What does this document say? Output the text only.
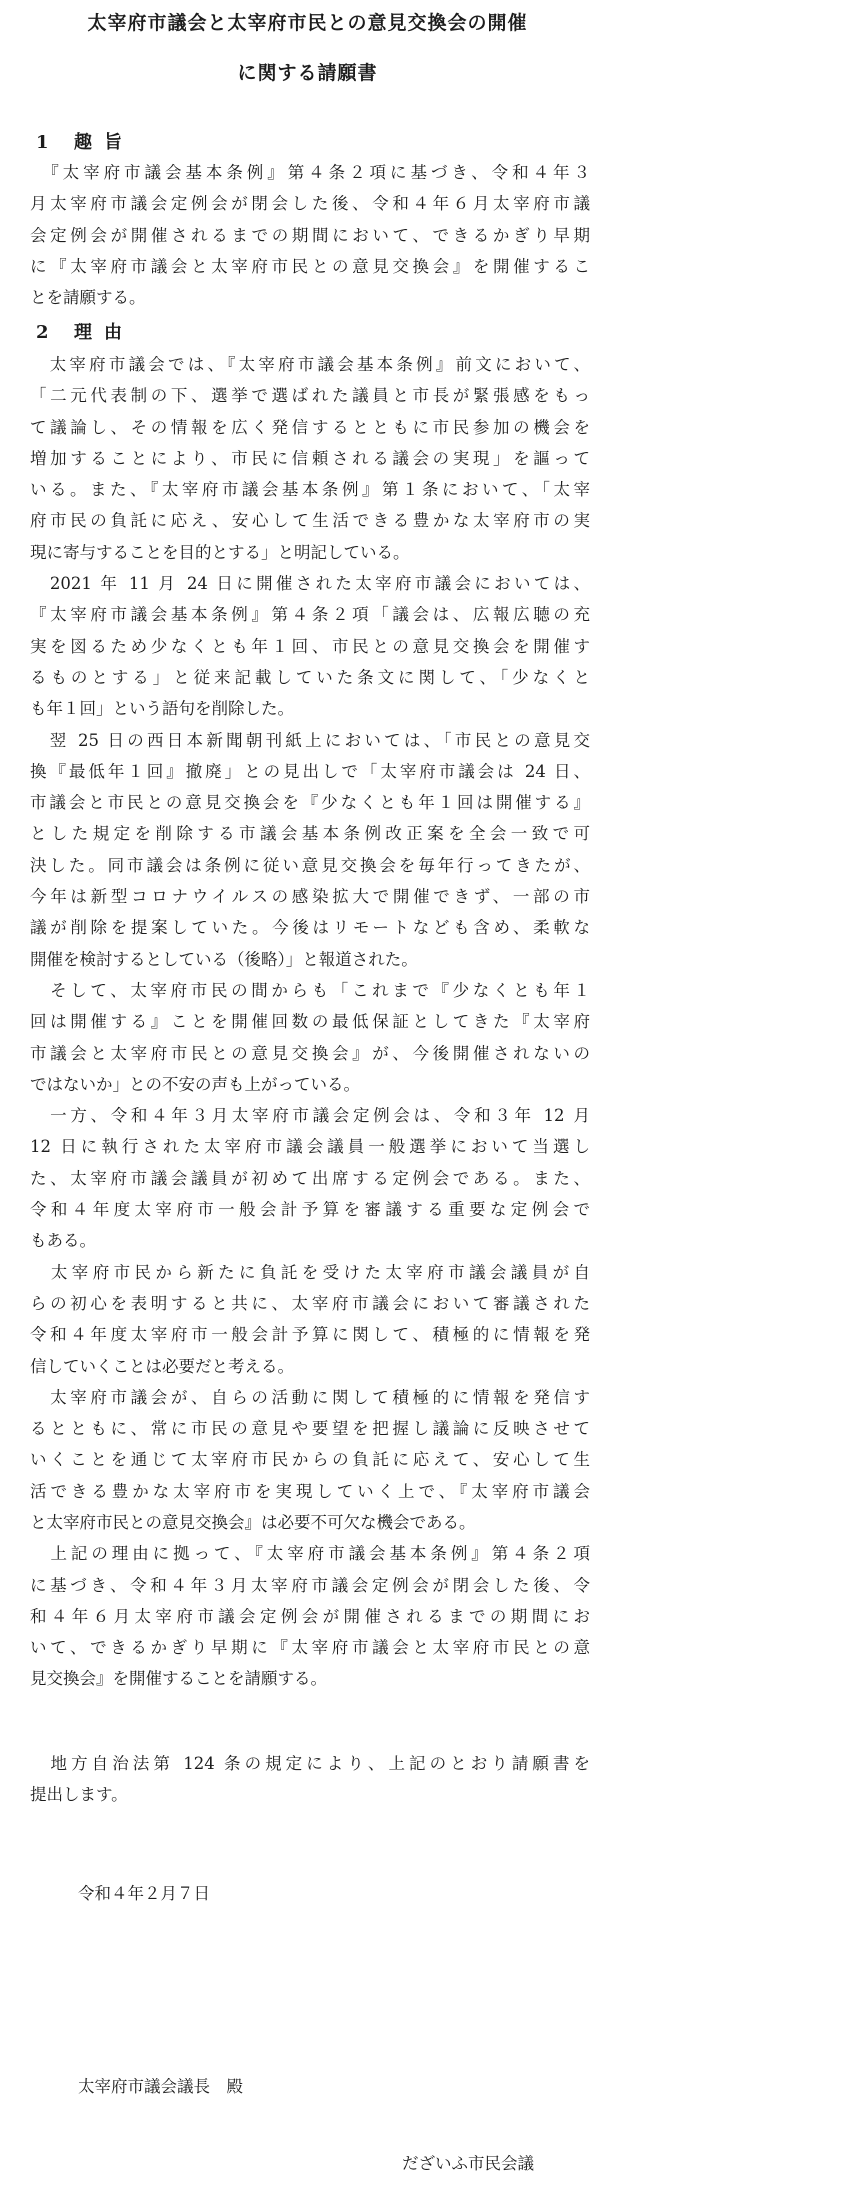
太宰府市議会と太宰府市民との意見交換会の開催
に関する請願書
1 趣旨
　『太宰府市議会基本条例』第４条２項に基づき、令和４年３
月太宰府市議会定例会が閉会した後、令和４年６月太宰府市議
会定例会が開催されるまでの期間において、できるかぎり早期
に『太宰府市議会と太宰府市民との意見交換会』を開催するこ
とを請願する。
2 理由
　太宰府市議会では、『太宰府市議会基本条例』前文において、
「二元代表制の下、選挙で選ばれた議員と市長が緊張感をもっ
て議論し、その情報を広く発信するとともに市民参加の機会を
増加することにより、市民に信頼される議会の実現」を謳って
いる。また、『太宰府市議会基本条例』第１条において、「太宰
府市民の負託に応え、安心して生活できる豊かな太宰府市の実
現に寄与することを目的とする」と明記している。
　2021 年 11 月 24 日に開催された太宰府市議会においては、
『太宰府市議会基本条例』第４条２項「議会は、広報広聴の充
実を図るため少なくとも年１回、市民との意見交換会を開催す
るものとする」と従来記載していた条文に関して、「少なくと
も年１回」という語句を削除した。
　翌 25 日の西日本新聞朝刊紙上においては、「市民との意見交
換『最低年１回』撤廃」との見出しで「太宰府市議会は 24 日、
市議会と市民との意見交換会を『少なくとも年１回は開催する』
とした規定を削除する市議会基本条例改正案を全会一致で可
決した。同市議会は条例に従い意見交換会を毎年行ってきたが、
今年は新型コロナウイルスの感染拡大で開催できず、一部の市
議が削除を提案していた。今後はリモートなども含め、柔軟な
開催を検討するとしている（後略）」と報道された。
　そして、太宰府市民の間からも「これまで『少なくとも年１
回は開催する』ことを開催回数の最低保証としてきた『太宰府
市議会と太宰府市民との意見交換会』が、今後開催されないの
ではないか」との不安の声も上がっている。
　一方、令和４年３月太宰府市議会定例会は、令和３年 12 月
12 日に執行された太宰府市議会議員一般選挙において当選し
た、太宰府市議会議員が初めて出席する定例会である。また、
令和４年度太宰府市一般会計予算を審議する重要な定例会で
もある。
　太宰府市民から新たに負託を受けた太宰府市議会議員が自
らの初心を表明すると共に、太宰府市議会において審議された
令和４年度太宰府市一般会計予算に関して、積極的に情報を発
信していくことは必要だと考える。
　太宰府市議会が、自らの活動に関して積極的に情報を発信す
るとともに、常に市民の意見や要望を把握し議論に反映させて
いくことを通じて太宰府市民からの負託に応えて、安心して生
活できる豊かな太宰府市を実現していく上で、『太宰府市議会
と太宰府市民との意見交換会』は必要不可欠な機会である。
　上記の理由に拠って、『太宰府市議会基本条例』第４条２項
に基づき、令和４年３月太宰府市議会定例会が閉会した後、令
和４年６月太宰府市議会定例会が開催されるまでの期間にお
いて、できるかぎり早期に『太宰府市議会と太宰府市民との意
見交換会』を開催することを請願する。
　地方自治法第 124 条の規定により、上記のとおり請願書を
提出します。
令和４年２月７日
太宰府市議会議長　殿
だざいふ市民会議
